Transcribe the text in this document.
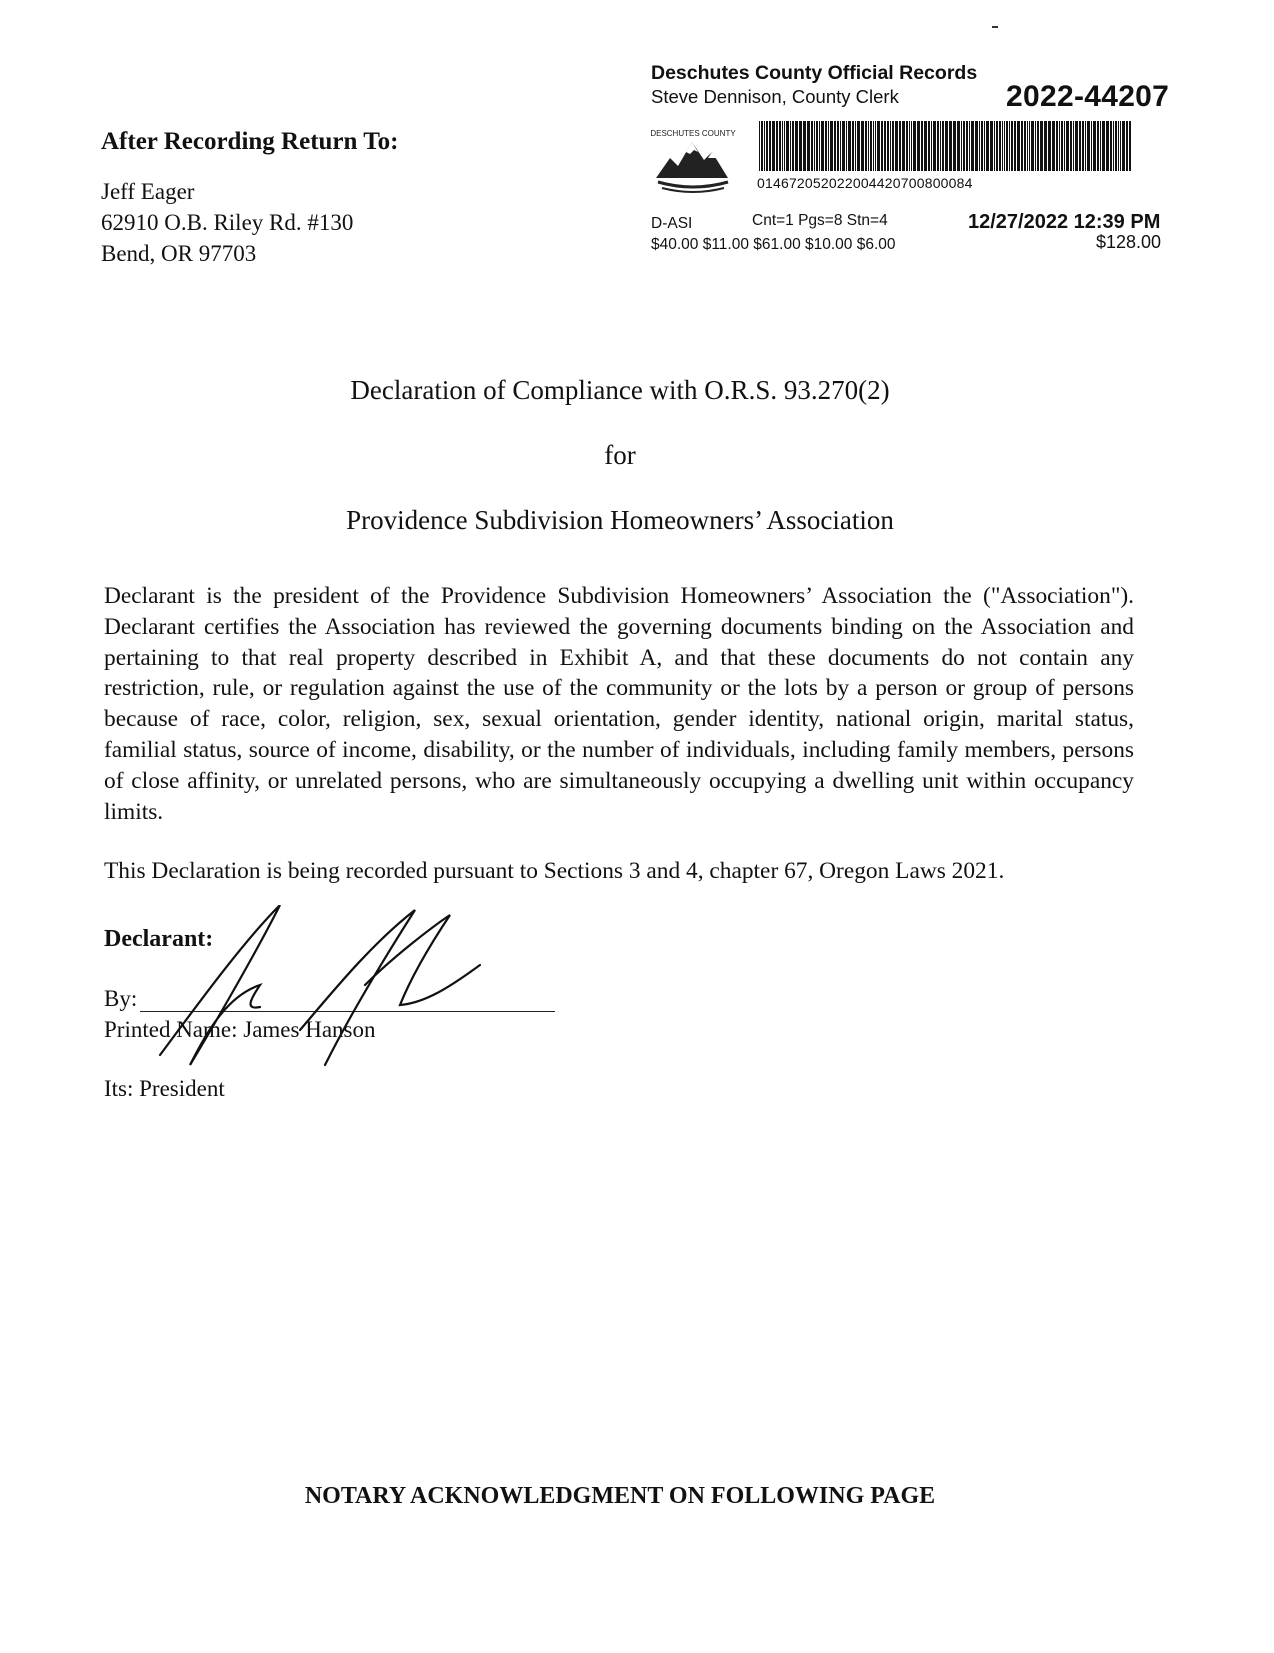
After Recording Return To:
Jeff Eager
62910 O.B. Riley Rd. #130
Bend, OR 97703
Deschutes County Official Records
Steve Dennison, County Clerk	2022-44207
DESCHUTES COUNTY
014672052022004420700800084
D-ASI	Cnt=1 Pgs=8 Stn=4
$40.00 $11.00 $61.00 $10.00 $6.00
12/27/2022 12:39 PM
$128.00
Declaration of Compliance with O.R.S. 93.270(2)
for
Providence Subdivision Homeowners’ Association
Declarant is the president of the Providence Subdivision Homeowners’ Association the ("Association"). Declarant certifies the Association has reviewed the governing documents binding on the Association and pertaining to that real property described in Exhibit A, and that these documents do not contain any restriction, rule, or regulation against the use of the community or the lots by a person or group of persons because of race, color, religion, sex, sexual orientation, gender identity, national origin, marital status, familial status, source of income, disability, or the number of individuals, including family members, persons of close affinity, or unrelated persons, who are simultaneously occupying a dwelling unit within occupancy limits.
This Declaration is being recorded pursuant to Sections 3 and 4, chapter 67, Oregon Laws 2021.
Declarant:
By:
Printed Name: James Hanson
Its: President
NOTARY ACKNOWLEDGMENT ON FOLLOWING PAGE
